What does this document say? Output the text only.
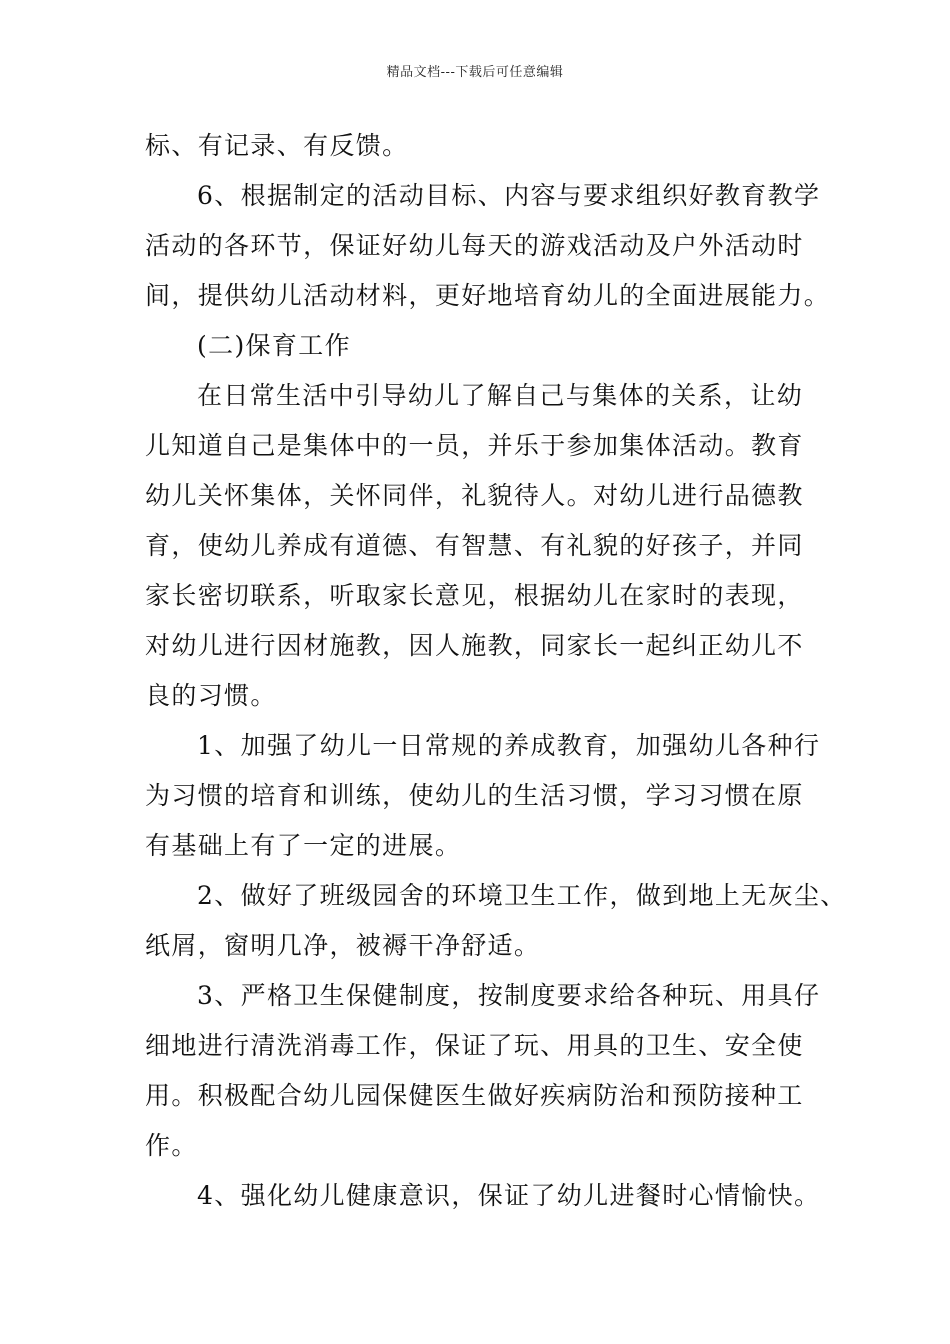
精品文档---下载后可任意编辑
标、有记录、有反馈。
6、根据制定的活动目标、内容与要求组织好教育教学
活动的各环节，保证好幼儿每天的游戏活动及户外活动时
间，提供幼儿活动材料，更好地培育幼儿的全面进展能力。
(二)保育工作
在日常生活中引导幼儿了解自己与集体的关系，让幼
儿知道自己是集体中的一员，并乐于参加集体活动。教育
幼儿关怀集体，关怀同伴，礼貌待人。对幼儿进行品德教
育，使幼儿养成有道德、有智慧、有礼貌的好孩子，并同
家长密切联系，听取家长意见，根据幼儿在家时的表现，
对幼儿进行因材施教，因人施教，同家长一起纠正幼儿不
良的习惯。
1、加强了幼儿一日常规的养成教育，加强幼儿各种行
为习惯的培育和训练，使幼儿的生活习惯，学习习惯在原
有基础上有了一定的进展。
2、做好了班级园舍的环境卫生工作，做到地上无灰尘、
纸屑，窗明几净，被褥干净舒适。
3、严格卫生保健制度，按制度要求给各种玩、用具仔
细地进行清洗消毒工作，保证了玩、用具的卫生、安全使
用。积极配合幼儿园保健医生做好疾病防治和预防接种工
作。
4、强化幼儿健康意识，保证了幼儿进餐时心情愉快。
